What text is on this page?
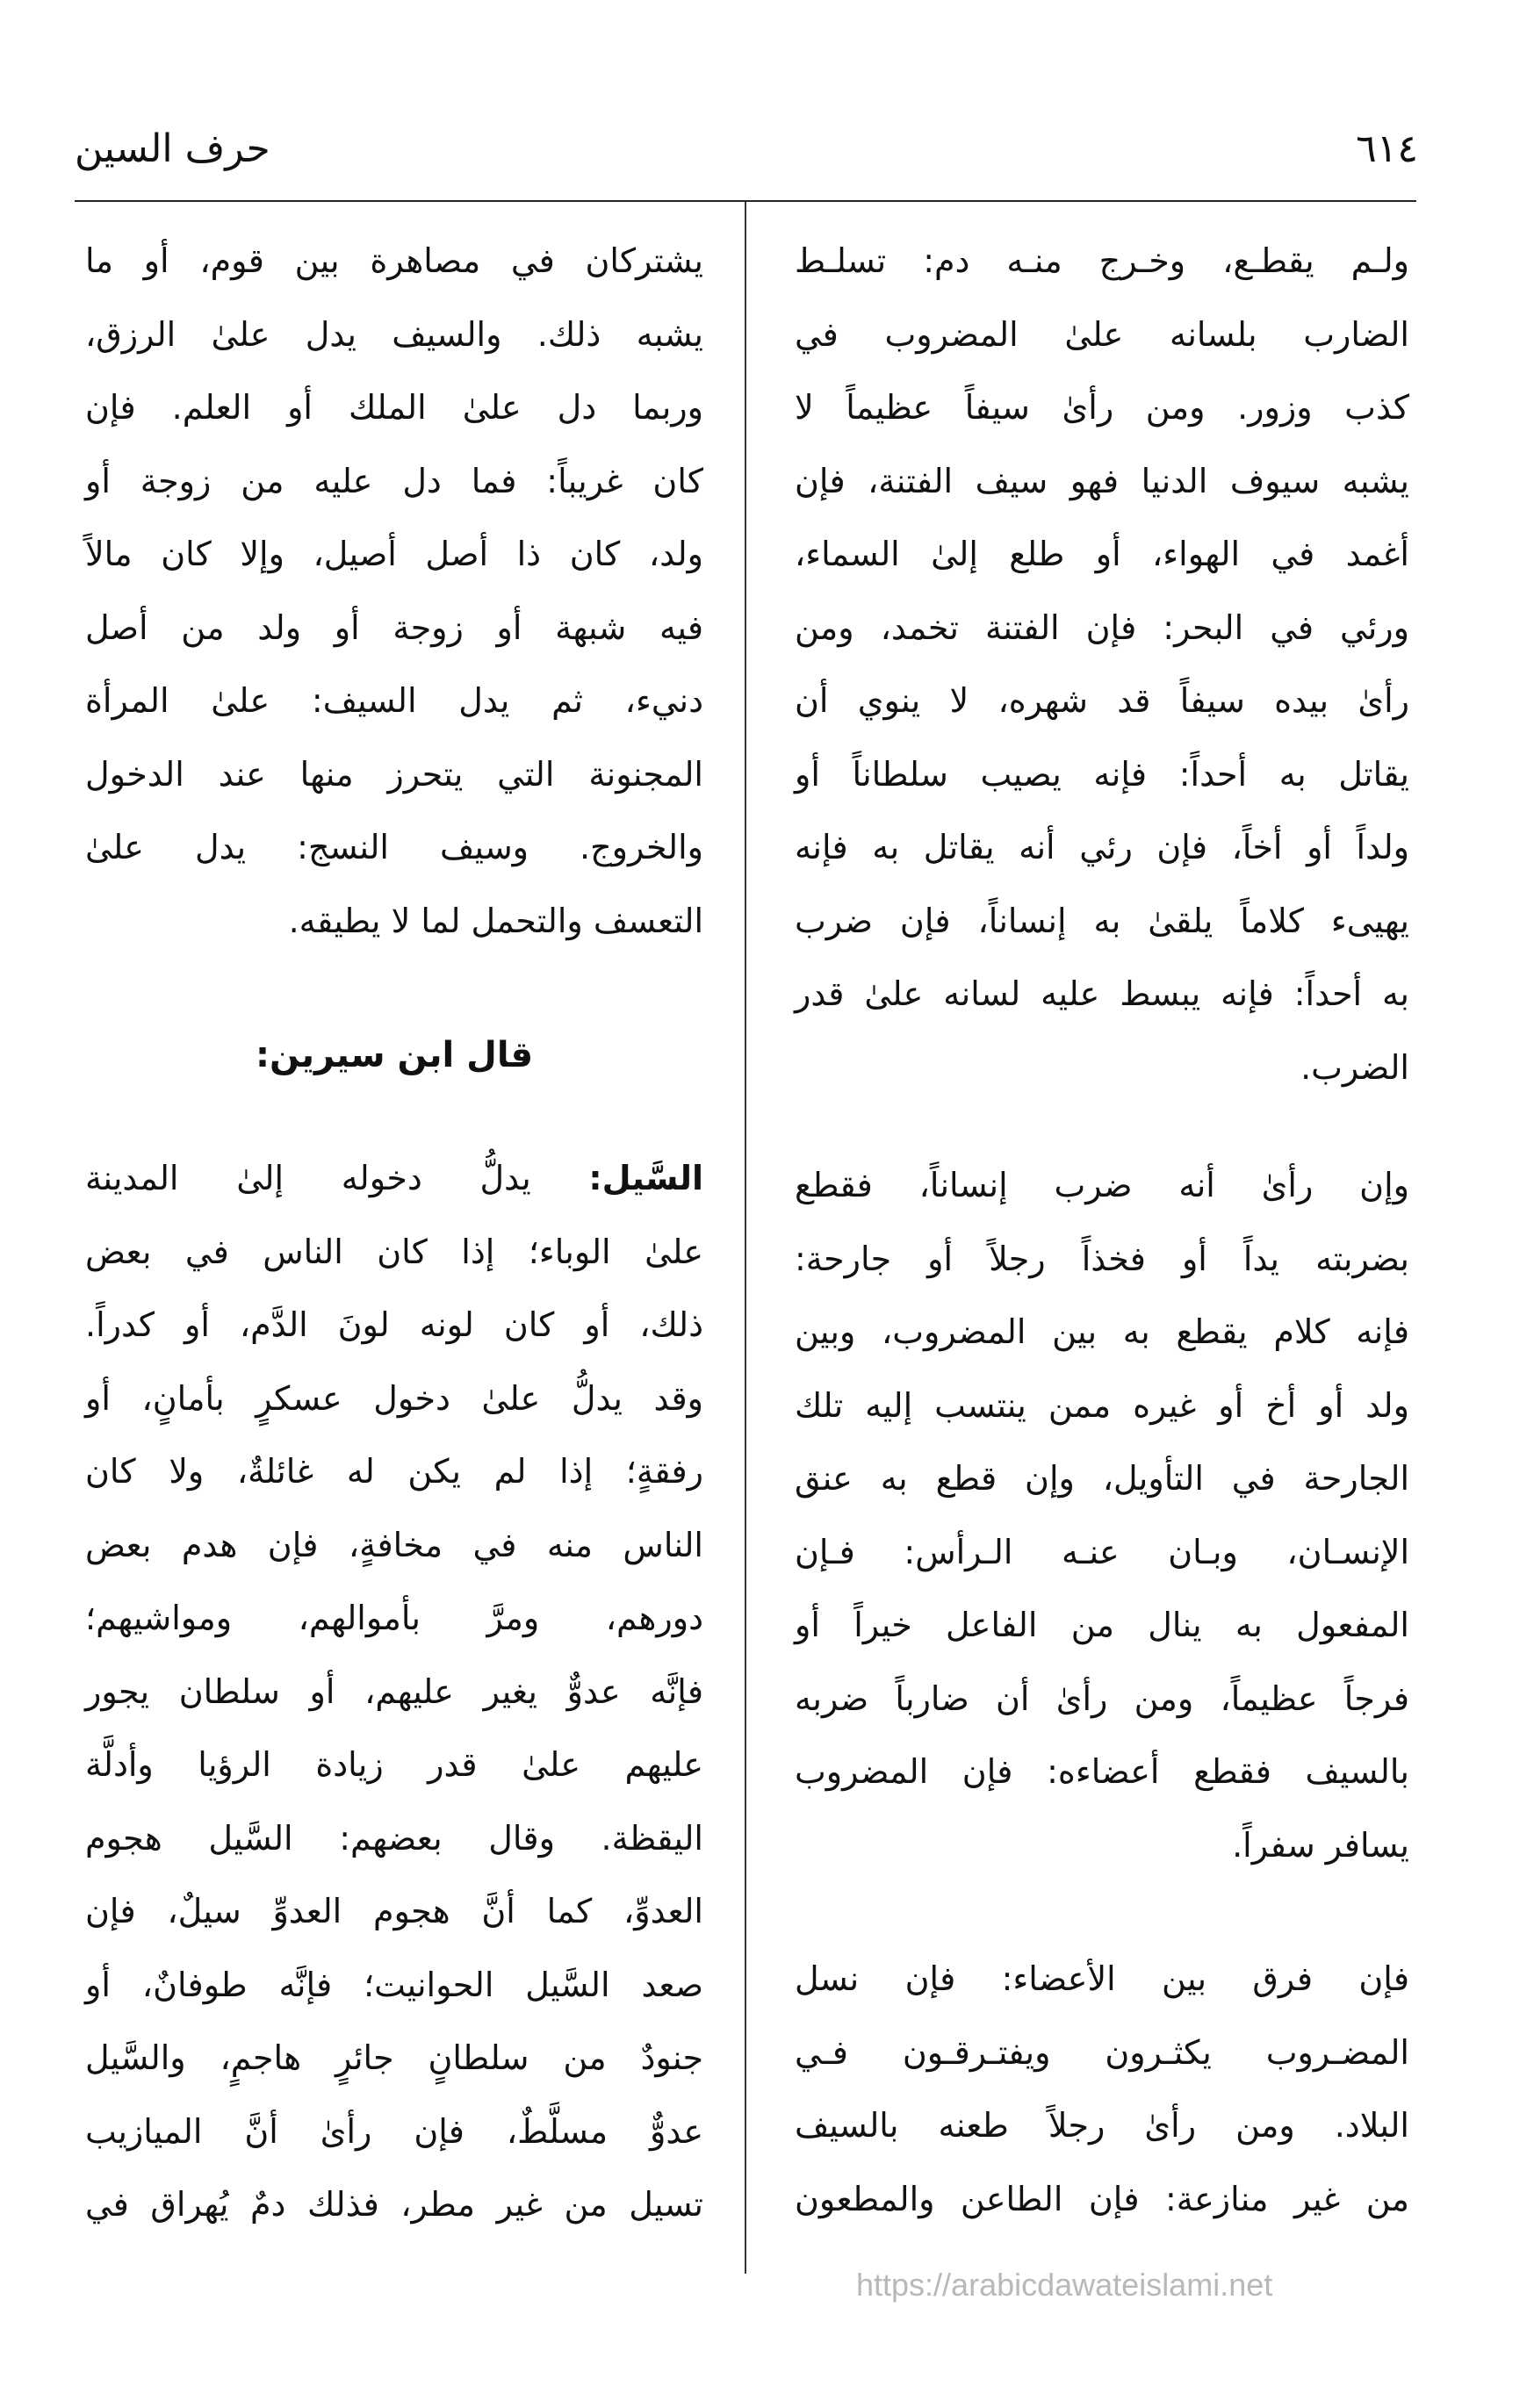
٦١٤
حرف السين
ولـم يقطـع، وخـرج منـه دم: تسلـط
الضارب بلسانه علىٰ المضروب في
كذب وزور. ومن رأىٰ سيفاً عظيماً لا
يشبه سيوف الدنيا فهو سيف الفتنة، فإن
أغمد في الهواء، أو طلع إلىٰ السماء،
ورئي في البحر: فإن الفتنة تخمد، ومن
رأىٰ بيده سيفاً قد شهره، لا ينوي أن
يقاتل به أحداً: فإنه يصيب سلطاناً أو
ولداً أو أخاً، فإن رئي أنه يقاتل به فإنه
يهيىء كلاماً يلقىٰ به إنساناً، فإن ضرب
به أحداً: فإنه يبسط عليه لسانه علىٰ قدر
الضرب.
وإن رأىٰ أنه ضرب إنساناً، فقطع
بضربته يداً أو فخذاً رجلاً أو جارحة:
فإنه كلام يقطع به بين المضروب، وبين
ولد أو أخ أو غيره ممن ينتسب إليه تلك
الجارحة في التأويل، وإن قطع به عنق
الإنسـان، وبـان عنـه الـرأس: فـإن
المفعول به ينال من الفاعل خيراً أو
فرجاً عظيماً، ومن رأىٰ أن ضارباً ضربه
بالسيف فقطع أعضاءه: فإن المضروب
يسافر سفراً.
فإن فرق بين الأعضاء: فإن نسل
المضـروب يكثـرون ويفتـرقـون فـي
البلاد. ومن رأىٰ رجلاً طعنه بالسيف
من غير منازعة: فإن الطاعن والمطعون
يشتركان في مصاهرة بين قوم، أو ما
يشبه ذلك. والسيف يدل علىٰ الرزق،
وربما دل علىٰ الملك أو العلم. فإن
كان غريباً: فما دل عليه من زوجة أو
ولد، كان ذا أصل أصيل، وإلا كان مالاً
فيه شبهة أو زوجة أو ولد من أصل
دنيء، ثم يدل السيف: علىٰ المرأة
المجنونة التي يتحرز منها عند الدخول
والخروج. وسيف النسج: يدل علىٰ
التعسف والتحمل لما لا يطيقه.
قال ابن سيرين:
السَّيل: يدلُّ دخوله إلىٰ المدينة
علىٰ الوباء؛ إذا كان الناس في بعض
ذلك، أو كان لونه لونَ الدَّم، أو كدراً.
وقد يدلُّ علىٰ دخول عسكرٍ بأمانٍ، أو
رفقةٍ؛ إذا لم يكن له غائلةٌ، ولا كان
الناس منه في مخافةٍ، فإن هدم بعض
دورهم، ومرَّ بأموالهم، ومواشيهم؛
فإنَّه عدوٌّ يغير عليهم، أو سلطان يجور
عليهم علىٰ قدر زيادة الرؤيا وأدلَّة
اليقظة. وقال بعضهم: السَّيل هجوم
العدوِّ، كما أنَّ هجوم العدوِّ سيلٌ، فإن
صعد السَّيل الحوانيت؛ فإنَّه طوفانٌ، أو
جنودٌ من سلطانٍ جائرٍ هاجمٍ، والسَّيل
عدوٌّ مسلَّطٌ، فإن رأىٰ أنَّ الميازيب
تسيل من غير مطر، فذلك دمٌ يُهراق في
https://arabicdawateislami.net
